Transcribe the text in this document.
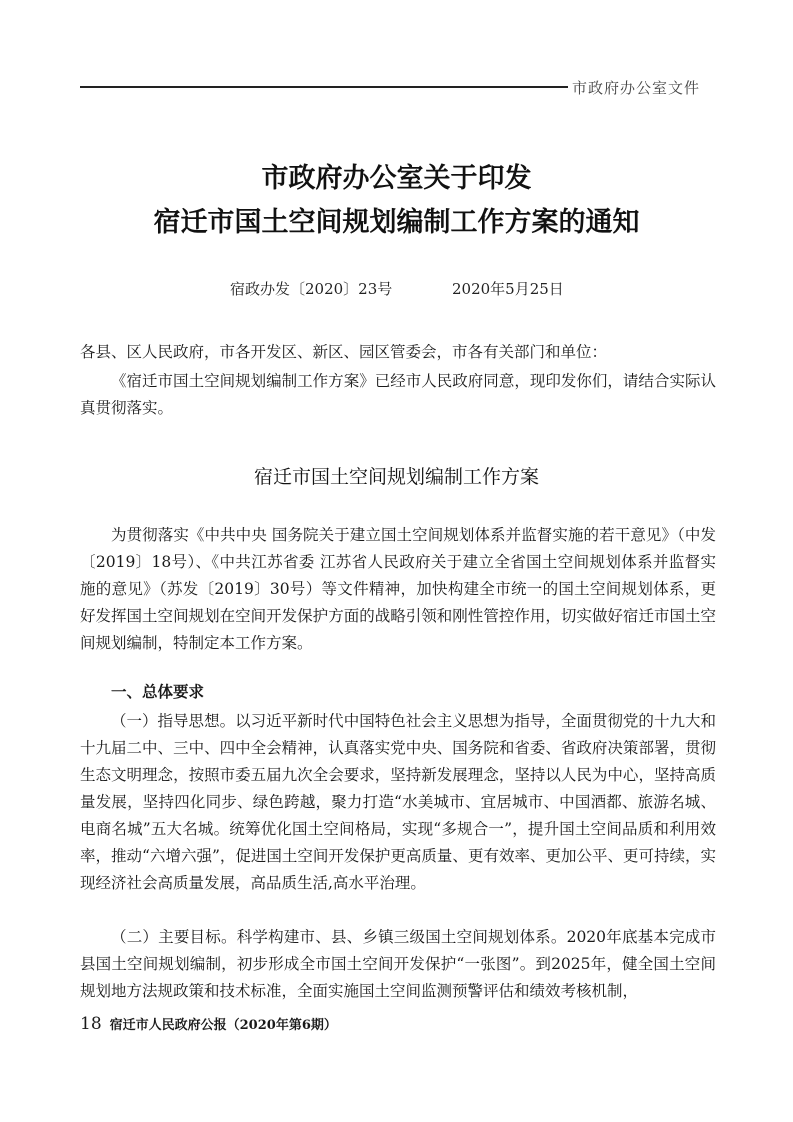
市政府办公室文件
市政府办公室关于印发
宿迁市国土空间规划编制工作方案的通知
宿政办发〔2020〕23号	2020年5月25日

各县、区人民政府，市各开发区、新区、园区管委会，市各有关部门和单位：

《宿迁市国土空间规划编制工作方案》已经市人民政府同意，现印发你们，请结合实际认真贯彻落实。

宿迁市国土空间规划编制工作方案

为贯彻落实《中共中央 国务院关于建立国土空间规划体系并监督实施的若干意见》（中发〔2019〕18号）、《中共江苏省委 江苏省人民政府关于建立全省国土空间规划体系并监督实施的意见》（苏发〔2019〕30号）等文件精神，加快构建全市统一的国土空间规划体系，更好发挥国土空间规划在空间开发保护方面的战略引领和刚性管控作用，切实做好宿迁市国土空间规划编制，特制定本工作方案。

一、总体要求

（一）指导思想。以习近平新时代中国特色社会主义思想为指导，全面贯彻党的十九大和十九届二中、三中、四中全会精神，认真落实党中央、国务院和省委、省政府决策部署，贯彻生态文明理念，按照市委五届九次全会要求，坚持新发展理念，坚持以人民为中心，坚持高质量发展，坚持四化同步、绿色跨越，聚力打造“水美城市、宜居城市、中国酒都、旅游名城、电商名城”五大名城。统筹优化国土空间格局，实现“多规合一”，提升国土空间品质和利用效率，推动“六增六强”，促进国土空间开发保护更高质量、更有效率、更加公平、更可持续，实现经济社会高质量发展，高品质生活,高水平治理。

（二）主要目标。科学构建市、县、乡镇三级国土空间规划体系。2020年底基本完成市县国土空间规划编制，初步形成全市国土空间开发保护“一张图”。到2025年，健全国土空间规划地方法规政策和技术标准，全面实施国土空间监测预警评估和绩效考核机制，

18 宿迁市人民政府公报（2020年第6期）
